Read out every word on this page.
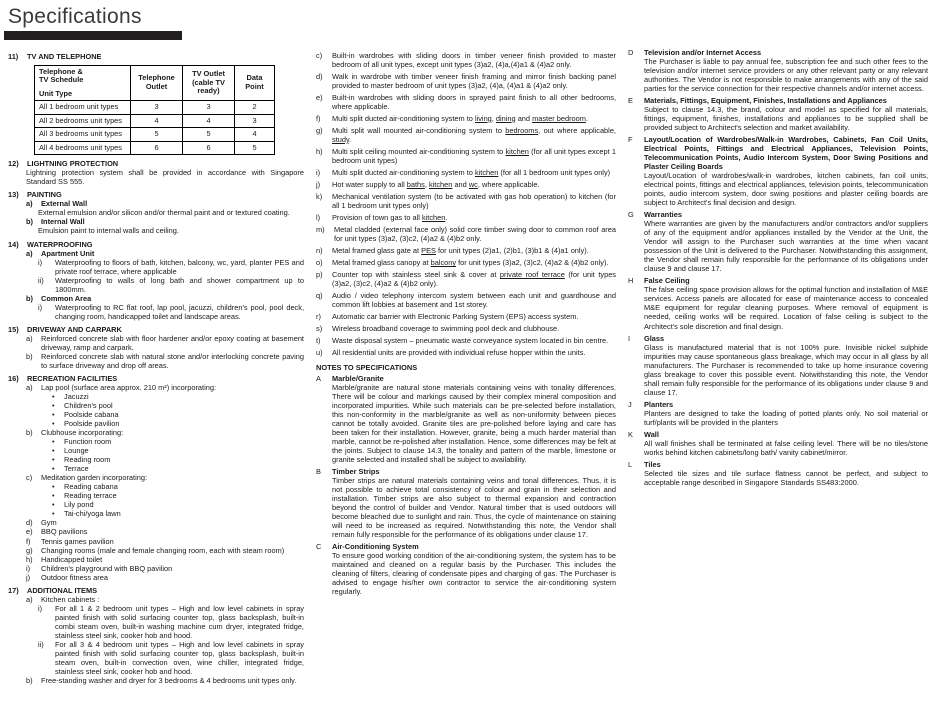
Specifications
11)	TV AND TELEPHONE
Telephone &
TV Schedule
Unit Type	Telephone Outlet	TV Outlet (cable TV ready)	Data Point
All 1 bedroom unit types	3	3	2
All 2 bedrooms unit types	4	4	3
All 3 bedrooms unit types	5	5	4
All 4 bedrooms unit types	6	6	5
12)	LIGHTNING PROTECTION
Lightning protection system shall be provided in accordance with Singapore Standard SS 555.
13)	PAINTING
a)	External Wall
External emulsion and/or silicon and/or thermal paint and or textured coating.
b)	Internal Wall
Emulsion paint to internal walls and ceiling.
14)	WATERPROOFING
a)	Apartment Unit
i)	Waterproofing to floors of bath, kitchen, balcony, wc, yard, planter PES and private roof terrace, where applicable
ii)	Waterproofing to walls of long bath and shower compartment up to 1800mm.
b)	Common Area
i)	Waterproofing to RC flat roof, lap pool, jacuzzi, children's pool, pool deck, changing room, handicapped toilet and landscape areas.
15)	DRIVEWAY AND CARPARK
a)	Reinforced concrete slab with floor hardener and/or epoxy coating at basement driveway, ramp and carpark.
b)	Reinforced concrete slab with natural stone and/or interlocking concrete paving to surface driveway and drop off areas.
16)	RECREATION FACILITIES
a)	Lap pool (surface area approx. 210 m²) incorporating:
•	Jacuzzi
•	Children's pool
•	Poolside cabana
•	Poolside pavilion
b)	Clubhouse incorporating:
•	Function room
•	Lounge
•	Reading room
•	Terrace
c)	Meditation garden incorporating:
•	Reading cabana
•	Reading terrace
•	Lily pond
•	Tai-chi/yoga lawn
d)	Gym
e)	BBQ pavilions
f)	Tennis games pavilion
g)	Changing rooms (male and female changing room, each with steam room)
h)	Handicapped toilet
i)	Children's playground with BBQ pavilion
j)	Outdoor fitness area
17)	ADDITIONAL ITEMS
a)	Kitchen cabinets :
i)	For all 1 & 2 bedroom unit types – High and low level cabinets in spray painted finish with solid surfacing counter top, glass backsplash, built-in combi steam oven, built-in washing machine cum dryer, integrated fridge, stainless steel sink, cooker hob and hood.
ii)	For all 3 & 4 bedroom unit types – High and low level cabinets in spray painted finish with solid surfacing counter top, glass backsplash, built-in steam oven, built-in convection oven, wine chiller, integrated fridge, stainless steel sink, cooker hob and hood.
b)	Free-standing washer and dryer for 3 bedrooms & 4 bedrooms unit types only.
c)	Built-in wardrobes with sliding doors in timber veneer finish provided to master bedroom of all unit types, except unit types (3)a2, (4)a,(4)a1 & (4)a2 only.
d)	Walk in wardrobe with timber veneer finish framing and mirror finish backing panel provided to master bedroom of unit types (3)a2, (4)a, (4)a1 & (4)a2 only.
e)	Built-in wardrobes with sliding doors in sprayed paint finish to all other bedrooms, where applicable.
f)	Multi split ducted air-conditioning system to living, dining and master bedroom.
g)	Multi split wall mounted air-conditioning system to bedrooms, out where applicable, study.
h)	Multi split ceiling mounted air-conditioning system to kitchen (for all unit types except 1 bedroom unit types)
i)	Multi split ducted air-conditioning system to kitchen (for all 1 bedroom unit types only)
j)	Hot water supply to all baths, kitchen and wc, where applicable.
k)	Mechanical ventilation system (to be activated with gas hob operation) to kitchen (for all 1 bedroom unit types only)
l)	Provision of town gas to all kitchen.
m)	Metal cladded (external face only) solid core timber swing door to common roof area for unit types (3)a2, (3)c2, (4)a2 & (4)b2 only.
n)	Metal framed glass gate at PES for unit types (2)a1, (2)b1, (3)b1 & (4)a1 only).
o)	Metal framed glass canopy at balcony for unit types (3)a2, (3)c2, (4)a2 & (4)b2 only).
p)	Counter top with stainless steel sink & cover at private roof terrace (for unit types (3)a2, (3)c2, (4)a2 & (4)b2 only).
q)	Audio / video telephony intercom system between each unit and guardhouse and common lift lobbies at basement and 1st storey.
r)	Automatic car barrier with Electronic Parking System (EPS) access system.
s)	Wireless broadband coverage to swimming pool deck and clubhouse.
t)	Waste disposal system – pneumatic waste conveyance system located in bin centre.
u)	All residential units are provided with individual refuse hopper within the units.
NOTES TO SPECIFICATIONS
A	Marble/Granite
Marble/granite are natural stone materials containing veins with tonality differences. There will be colour and markings caused by their complex mineral composition and incorporated impurities. While such materials can be pre-selected before installation, this non-conformity in the marble/granite as well as non-uniformity between pieces cannot be totally avoided. Granite tiles are pre-polished before laying and care has been taken for their installation. However, granite, being a much harder material than marble, cannot be re-polished after installation. Hence, some differences may be felt at the joints. Subject to clause 14.3, the tonality and pattern of the marble, limestone or granite selected and installed shall be subject to availability.
B	Timber Strips
Timber strips are natural materials containing veins and tonal differences. Thus, it is not possible to achieve total consistency of colour and grain in their selection and installation. Timber strips are also subject to thermal expansion and contraction beyond the control of builder and Vendor. Natural timber that is used outdoors will become bleached due to sunlight and rain. Thus, the cycle of maintenance on staining will need to be increased as required. Notwithstanding this note, the Vendor shall remain fully responsible for the performance of its obligations under clause 17.
C	Air-Conditioning System
To ensure good working condition of the air-conditioning system, the system has to be maintained and cleaned on a regular basis by the Purchaser. This includes the cleaning of filters, clearing of condensate pipes and charging of gas. The Purchaser is advised to engage his/her own contractor to service the air-conditioning system regularly.
D	Television and/or Internet Access
The Purchaser is liable to pay annual fee, subscription fee and such other fees to the television and/or internet service providers or any other relevant party or any relevant authorities. The Vendor is not responsible to make arrangements with any of the said parties for the service connection for their respective channels and/or internet access.
E	Materials, Fittings, Equipment, Finishes, Installations and Appliances
Subject to clause 14.3, the brand, colour and model as specified for all materials, fittings, equipment, finishes, installations and appliances to be supplied shall be provided subject to Architect's selection and market availability.
F	Layout/Location of Wardrobes/Walk-in Wardrobes, Cabinets, Fan Coil Units, Electrical Points, Fittings and Electrical Appliances, Television Points, Telecommunication Points, Audio Intercom System, Door Swing Positions and Plaster Ceiling Boards
Layout/Location of wardrobes/walk-in wardrobes, kitchen cabinets, fan coil units, electrical points, fittings and electrical appliances, television points, telecommunication points, audio intercom system, door swing positions and plaster ceiling boards are subject to Architect's final decision and design.
G	Warranties
Where warranties are given by the manufacturers and/or contractors and/or suppliers of any of the equipment and/or appliances installed by the Vendor at the Unit, the Vendor will assign to the Purchaser such warranties at the time when vacant possession of the Unit is delivered to the Purchaser. Notwithstanding this assignment, the Vendor shall remain fully responsible for the performance of its obligations under clause 9 and clause 17.
H	False Ceiling
The false ceiling space provision allows for the optimal function and installation of M&E services. Access panels are allocated for ease of maintenance access to concealed M&E equipment for regular cleaning purposes. Where removal of equipment is needed, ceiling works will be required. Location of false ceiling is subject to the Architect's sole discretion and final design.
I	Glass
Glass is manufactured material that is not 100% pure. Invisible nickel sulphide impurities may cause spontaneous glass breakage, which may occur in all glass by all manufacturers. The Purchaser is recommended to take up home insurance covering glass breakage to cover this possible event. Notwithstanding this note, the Vendor shall remain fully responsible for the performance of its obligations under clause 9 and clause 17.
J	Planters
Planters are designed to take the loading of potted plants only. No soil material or turf/plants will be provided in the planters
K	Wall
All wall finishes shall be terminated at false ceiling level. There will be no tiles/stone works behind kitchen cabinets/long bath/ vanity cabinet/mirror.
L	Tiles
Selected tile sizes and tile surface flatness cannot be perfect, and subject to acceptable range described in Singapore Standards SS483:2000.
